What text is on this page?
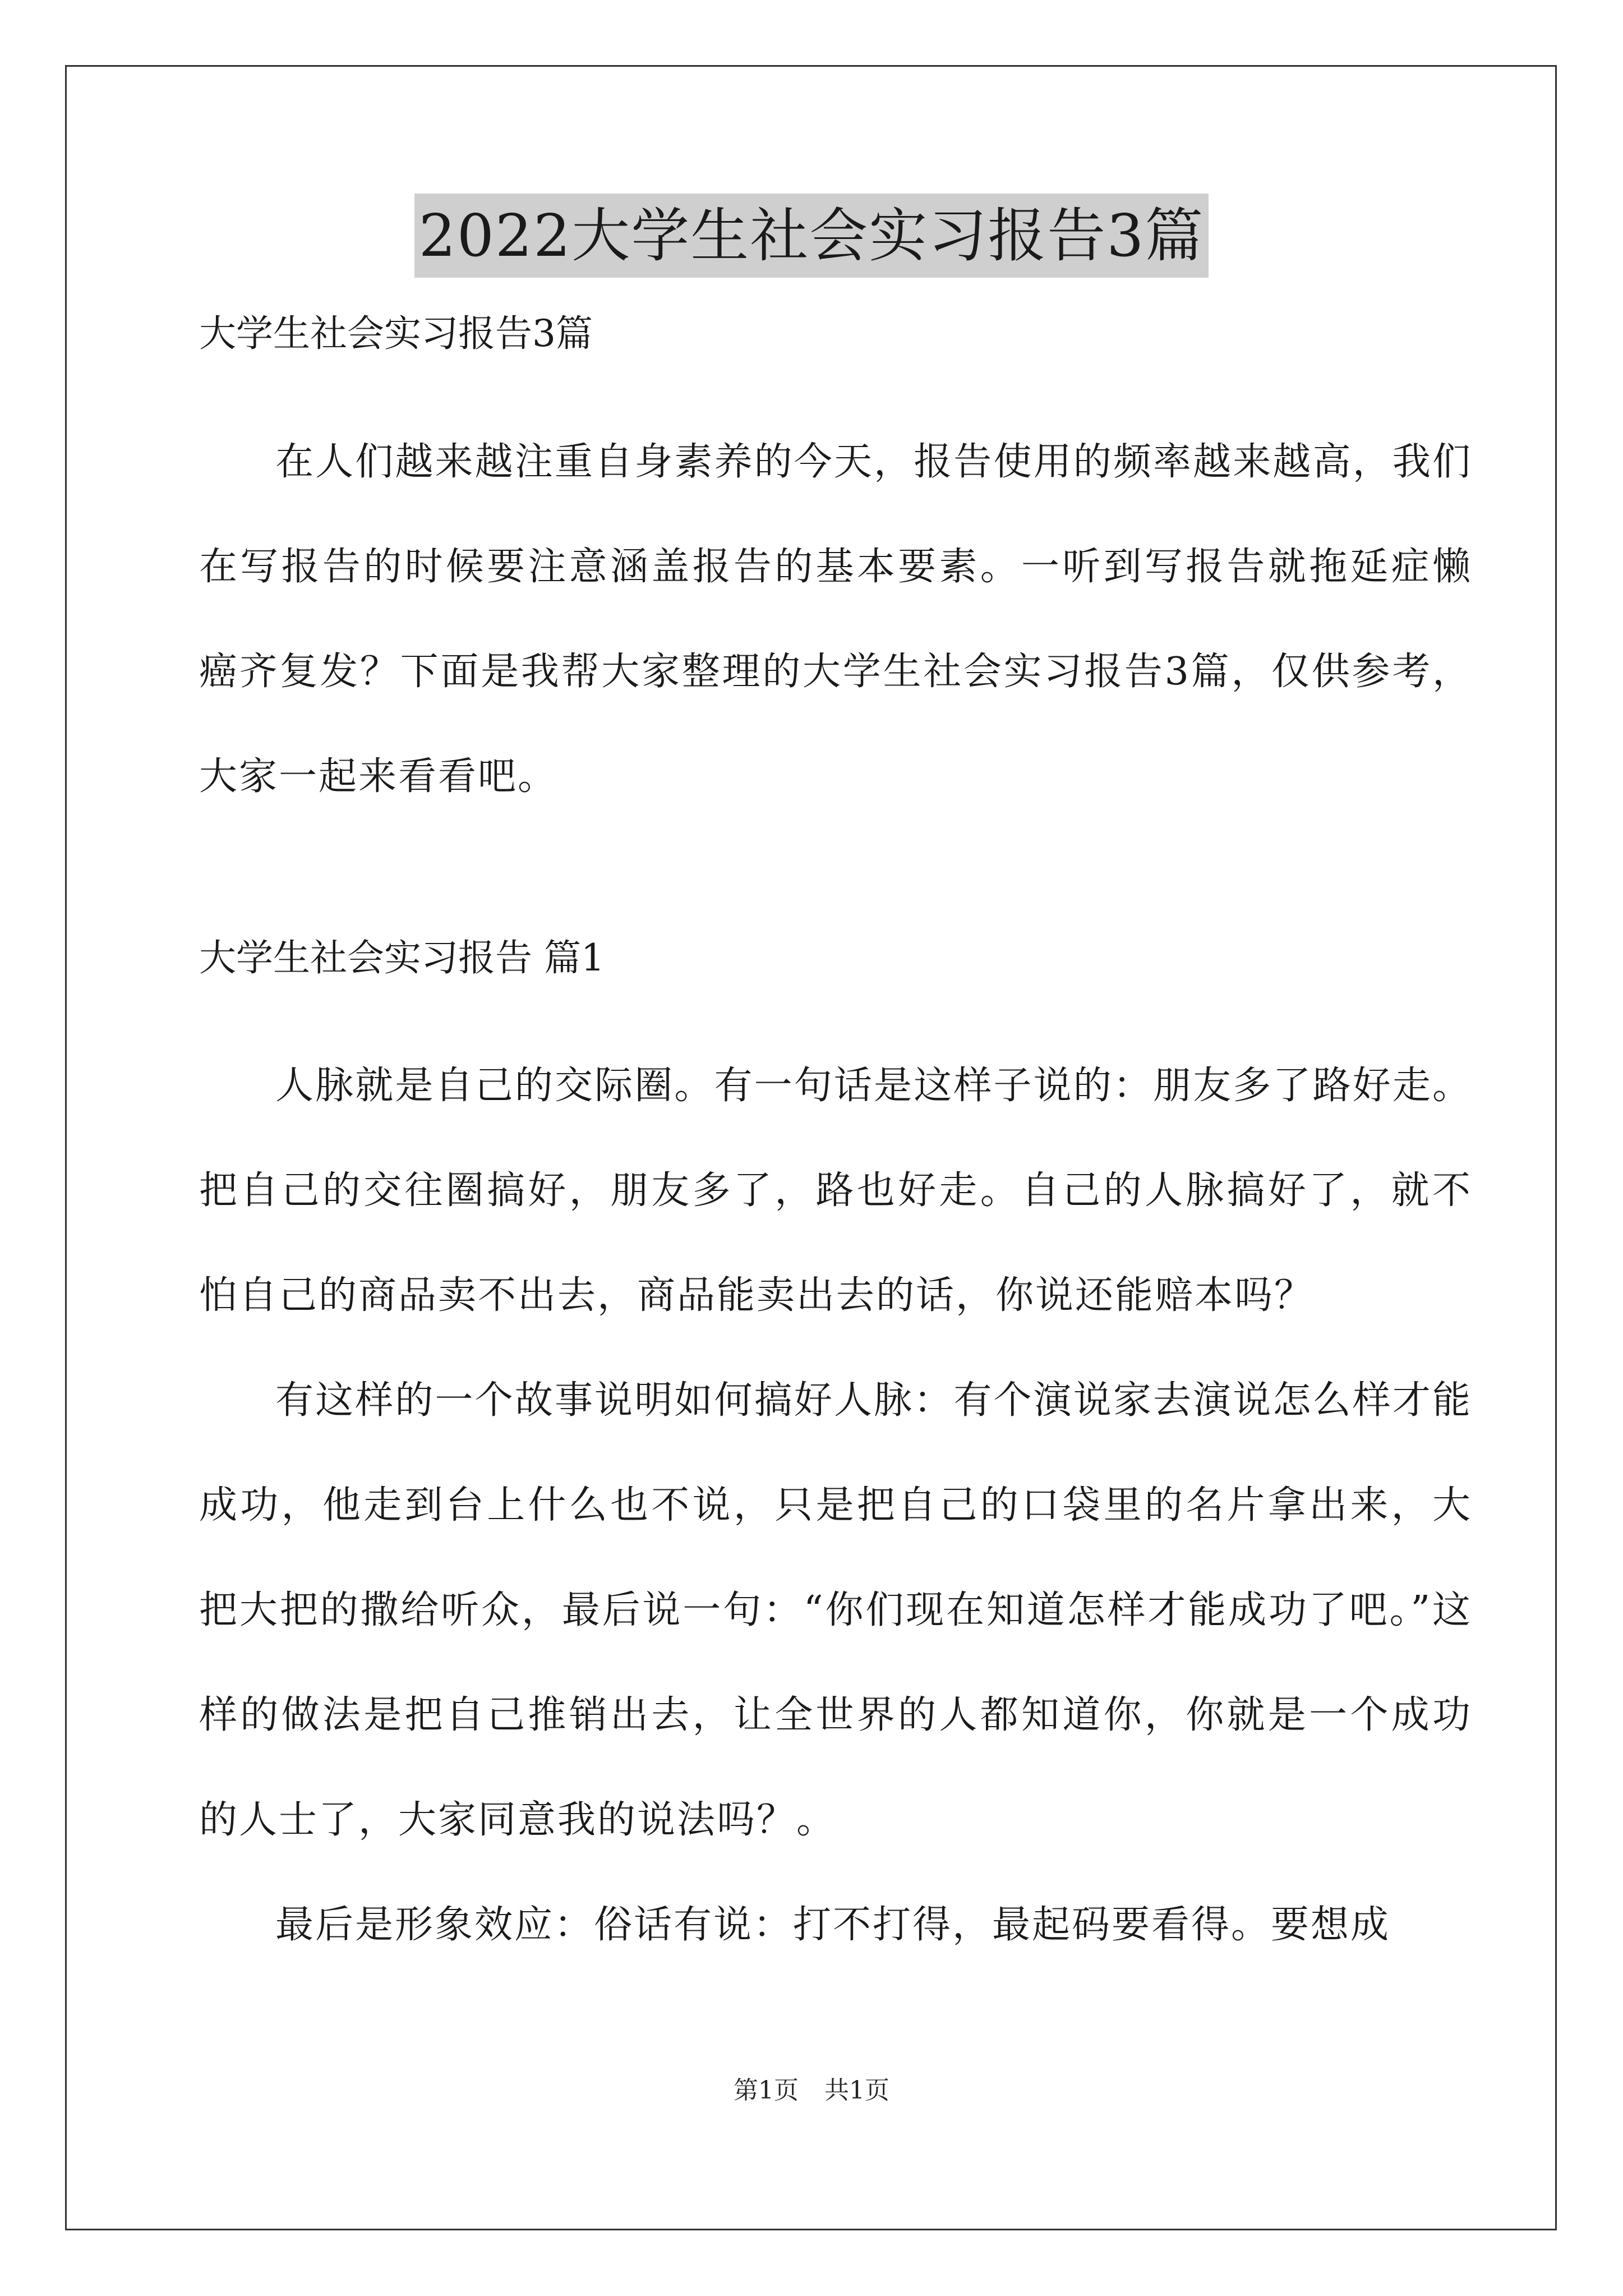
2022大学生社会实习报告3篇

大学生社会实习报告3篇

在人们越来越注重自身素养的今天，报告使用的频率越来越高，我们在写报告的时候要注意涵盖报告的基本要素。一听到写报告就拖延症懒癌齐复发？下面是我帮大家整理的大学生社会实习报告3篇，仅供参考，大家一起来看看吧。

大学生社会实习报告 篇1

人脉就是自己的交际圈。有一句话是这样子说的：朋友多了路好走。把自己的交往圈搞好，朋友多了，路也好走。自己的人脉搞好了，就不怕自己的商品卖不出去，商品能卖出去的话，你说还能赔本吗？

有这样的一个故事说明如何搞好人脉：有个演说家去演说怎么样才能成功，他走到台上什么也不说，只是把自己的口袋里的名片拿出来，大把大把的撒给听众，最后说一句：“你们现在知道怎样才能成功了吧。”这样的做法是把自己推销出去，让全世界的人都知道你，你就是一个成功的人士了，大家同意我的说法吗？。

最后是形象效应：俗话有说：打不打得，最起码要看得。要想成

第1页 共1页
